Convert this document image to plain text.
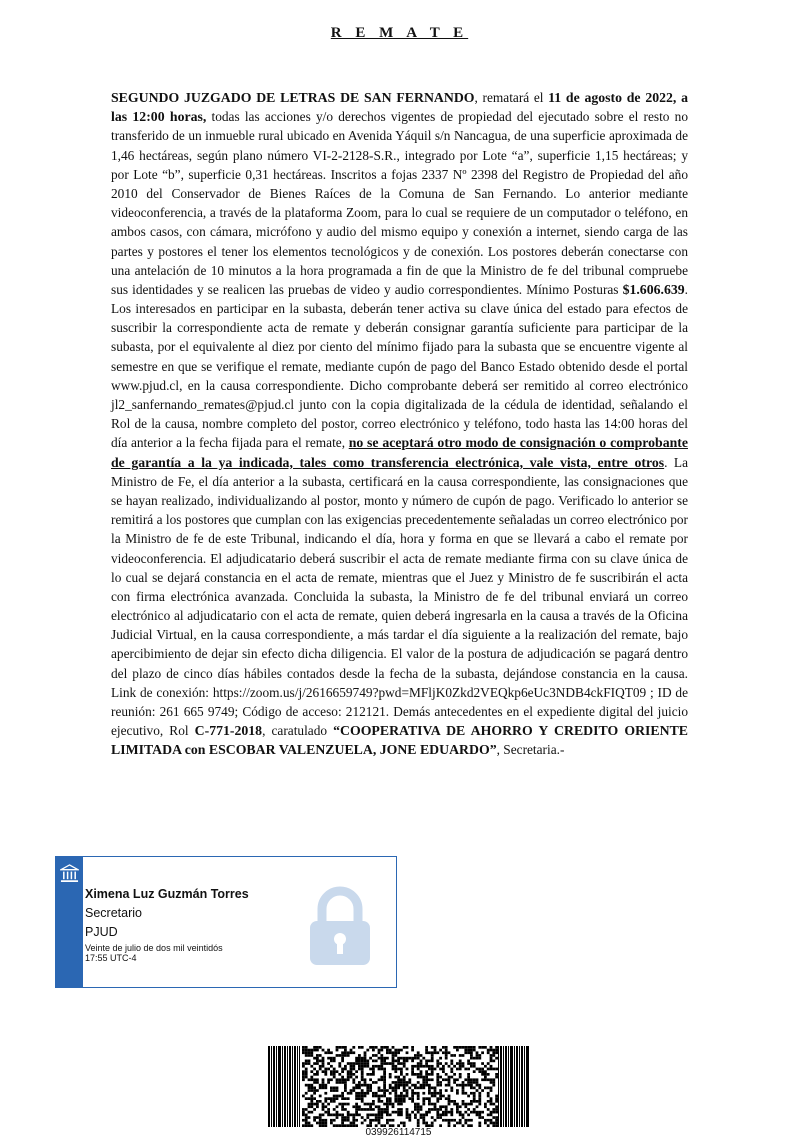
R E M A T E
SEGUNDO JUZGADO DE LETRAS DE SAN FERNANDO, rematará el 11 de agosto de 2022, a las 12:00 horas, todas las acciones y/o derechos vigentes de propiedad del ejecutado sobre el resto no transferido de un inmueble rural ubicado en Avenida Yáquil s/n Nancagua, de una superficie aproximada de 1,46 hectáreas, según plano número VI-2-2128-S.R., integrado por Lote “a”, superficie 1,15 hectáreas; y por Lote “b”, superficie 0,31 hectáreas. Inscritos a fojas 2337 Nº 2398 del Registro de Propiedad del año 2010 del Conservador de Bienes Raíces de la Comuna de San Fernando. Lo anterior mediante videoconferencia, a través de la plataforma Zoom, para lo cual se requiere de un computador o teléfono, en ambos casos, con cámara, micrófono y audio del mismo equipo y conexión a internet, siendo carga de las partes y postores el tener los elementos tecnológicos y de conexión. Los postores deberán conectarse con una antelación de 10 minutos a la hora programada a fin de que la Ministro de fe del tribunal compruebe sus identidades y se realicen las pruebas de video y audio correspondientes. Mínimo Posturas $1.606.639. Los interesados en participar en la subasta, deberán tener activa su clave única del estado para efectos de suscribir la correspondiente acta de remate y deberán consignar garantía suficiente para participar de la subasta, por el equivalente al diez por ciento del mínimo fijado para la subasta que se encuentre vigente al semestre en que se verifique el remate, mediante cupón de pago del Banco Estado obtenido desde el portal www.pjud.cl, en la causa correspondiente. Dicho comprobante deberá ser remitido al correo electrónico jl2_sanfernando_remates@pjud.cl junto con la copia digitalizada de la cédula de identidad, señalando el Rol de la causa, nombre completo del postor, correo electrónico y teléfono, todo hasta las 14:00 horas del día anterior a la fecha fijada para el remate, no se aceptará otro modo de consignación o comprobante de garantía a la ya indicada, tales como transferencia electrónica, vale vista, entre otros. La Ministro de Fe, el día anterior a la subasta, certificará en la causa correspondiente, las consignaciones que se hayan realizado, individualizando al postor, monto y número de cupón de pago. Verificado lo anterior se remitirá a los postores que cumplan con las exigencias precedentemente señaladas un correo electrónico por la Ministro de fe de este Tribunal, indicando el día, hora y forma en que se llevará a cabo el remate por videoconferencia. El adjudicatario deberá suscribir el acta de remate mediante firma con su clave única de lo cual se dejará constancia en el acta de remate, mientras que el Juez y Ministro de fe suscribirán el acta con firma electrónica avanzada. Concluida la subasta, la Ministro de fe del tribunal enviará un correo electrónico al adjudicatario con el acta de remate, quien deberá ingresarla en la causa a través de la Oficina Judicial Virtual, en la causa correspondiente, a más tardar el día siguiente a la realización del remate, bajo apercibimiento de dejar sin efecto dicha diligencia. El valor de la postura de adjudicación se pagará dentro del plazo de cinco días hábiles contados desde la fecha de la subasta, dejándose constancia en la causa. Link de conexión: https://zoom.us/j/2616659749?pwd=MFljK0Zkd2VEQkp6eUc3NDB4ckFIQT09 ; ID de reunión: 261 665 9749; Código de acceso: 212121. Demás antecedentes en el expediente digital del juicio ejecutivo, Rol C-771-2018, caratulado “COOPERATIVA DE AHORRO Y CREDITO ORIENTE LIMITADA con ESCOBAR VALENZUELA, JONE EDUARDO”, Secretaria.-
Ximena Luz Guzmán Torres
Secretario
PJUD
Veinte de julio de dos mil veintidós
17:55 UTC-4
039926114715
